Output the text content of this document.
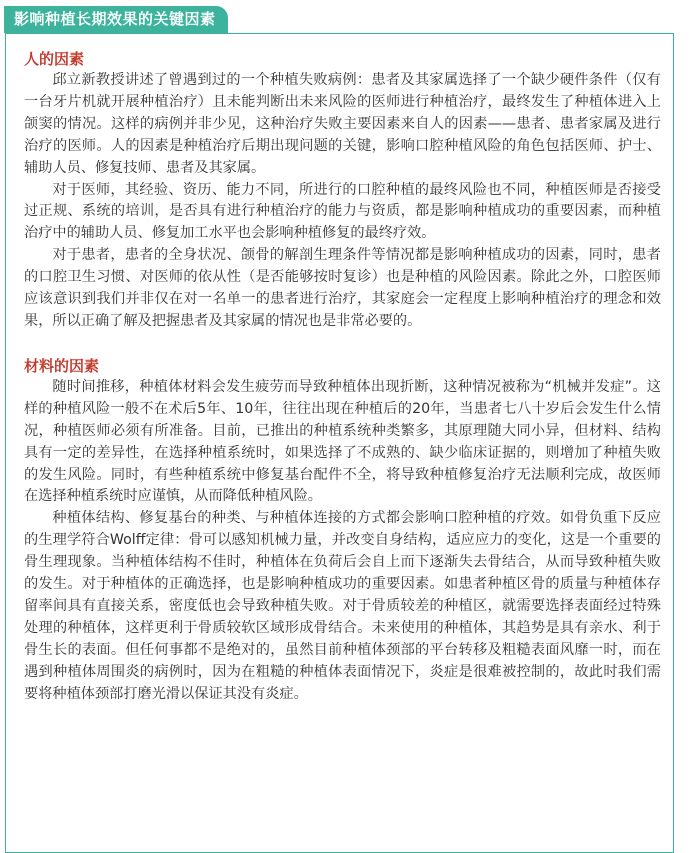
影响种植长期效果的关键因素
人的因素

邱立新教授讲述了曾遇到过的一个种植失败病例：患者及其家属选择了一个缺少硬件条件（仅有一台牙片机就开展种植治疗）且未能判断出未来风险的医师进行种植治疗，最终发生了种植体进入上颌窦的情况。这样的病例并非少见，这种治疗失败主要因素来自人的因素——患者、患者家属及进行治疗的医师。人的因素是种植治疗后期出现问题的关键，影响口腔种植风险的角色包括医师、护士、辅助人员、修复技师、患者及其家属。

对于医师，其经验、资历、能力不同，所进行的口腔种植的最终风险也不同，种植医师是否接受过正规、系统的培训，是否具有进行种植治疗的能力与资质，都是影响种植成功的重要因素，而种植治疗中的辅助人员、修复加工水平也会影响种植修复的最终疗效。

对于患者，患者的全身状况、颌骨的解剖生理条件等情况都是影响种植成功的因素，同时，患者的口腔卫生习惯、对医师的依从性（是否能够按时复诊）也是种植的风险因素。除此之外，口腔医师应该意识到我们并非仅在对一名单一的患者进行治疗，其家庭会一定程度上影响种植治疗的理念和效果，所以正确了解及把握患者及其家属的情况也是非常必要的。

材料的因素

随时间推移，种植体材料会发生疲劳而导致种植体出现折断，这种情况被称为“机械并发症”。这样的种植风险一般不在术后5年、10年，往往出现在种植后的20年，当患者七八十岁后会发生什么情况，种植医师必须有所准备。目前，已推出的种植系统种类繁多，其原理随大同小异，但材料、结构具有一定的差异性，在选择种植系统时，如果选择了不成熟的、缺少临床证据的，则增加了种植失败的发生风险。同时，有些种植系统中修复基台配件不全，将导致种植修复治疗无法顺利完成，故医师在选择种植系统时应谨慎，从而降低种植风险。

种植体结构、修复基台的种类、与种植体连接的方式都会影响口腔种植的疗效。如骨负重下反应的生理学符合Wolff定律：骨可以感知机械力量，并改变自身结构，适应应力的变化，这是一个重要的骨生理现象。当种植体结构不佳时，种植体在负荷后会自上而下逐渐失去骨结合，从而导致种植失败的发生。对于种植体的正确选择，也是影响种植成功的重要因素。如患者种植区骨的质量与种植体存留率间具有直接关系，密度低也会导致种植失败。对于骨质较差的种植区，就需要选择表面经过特殊处理的种植体，这样更利于骨质较软区域形成骨结合。未来使用的种植体，其趋势是具有亲水、利于骨生长的表面。但任何事都不是绝对的，虽然目前种植体颈部的平台转移及粗糙表面风靡一时，而在遇到种植体周围炎的病例时，因为在粗糙的种植体表面情况下，炎症是很难被控制的，故此时我们需要将种植体颈部打磨光滑以保证其没有炎症。
